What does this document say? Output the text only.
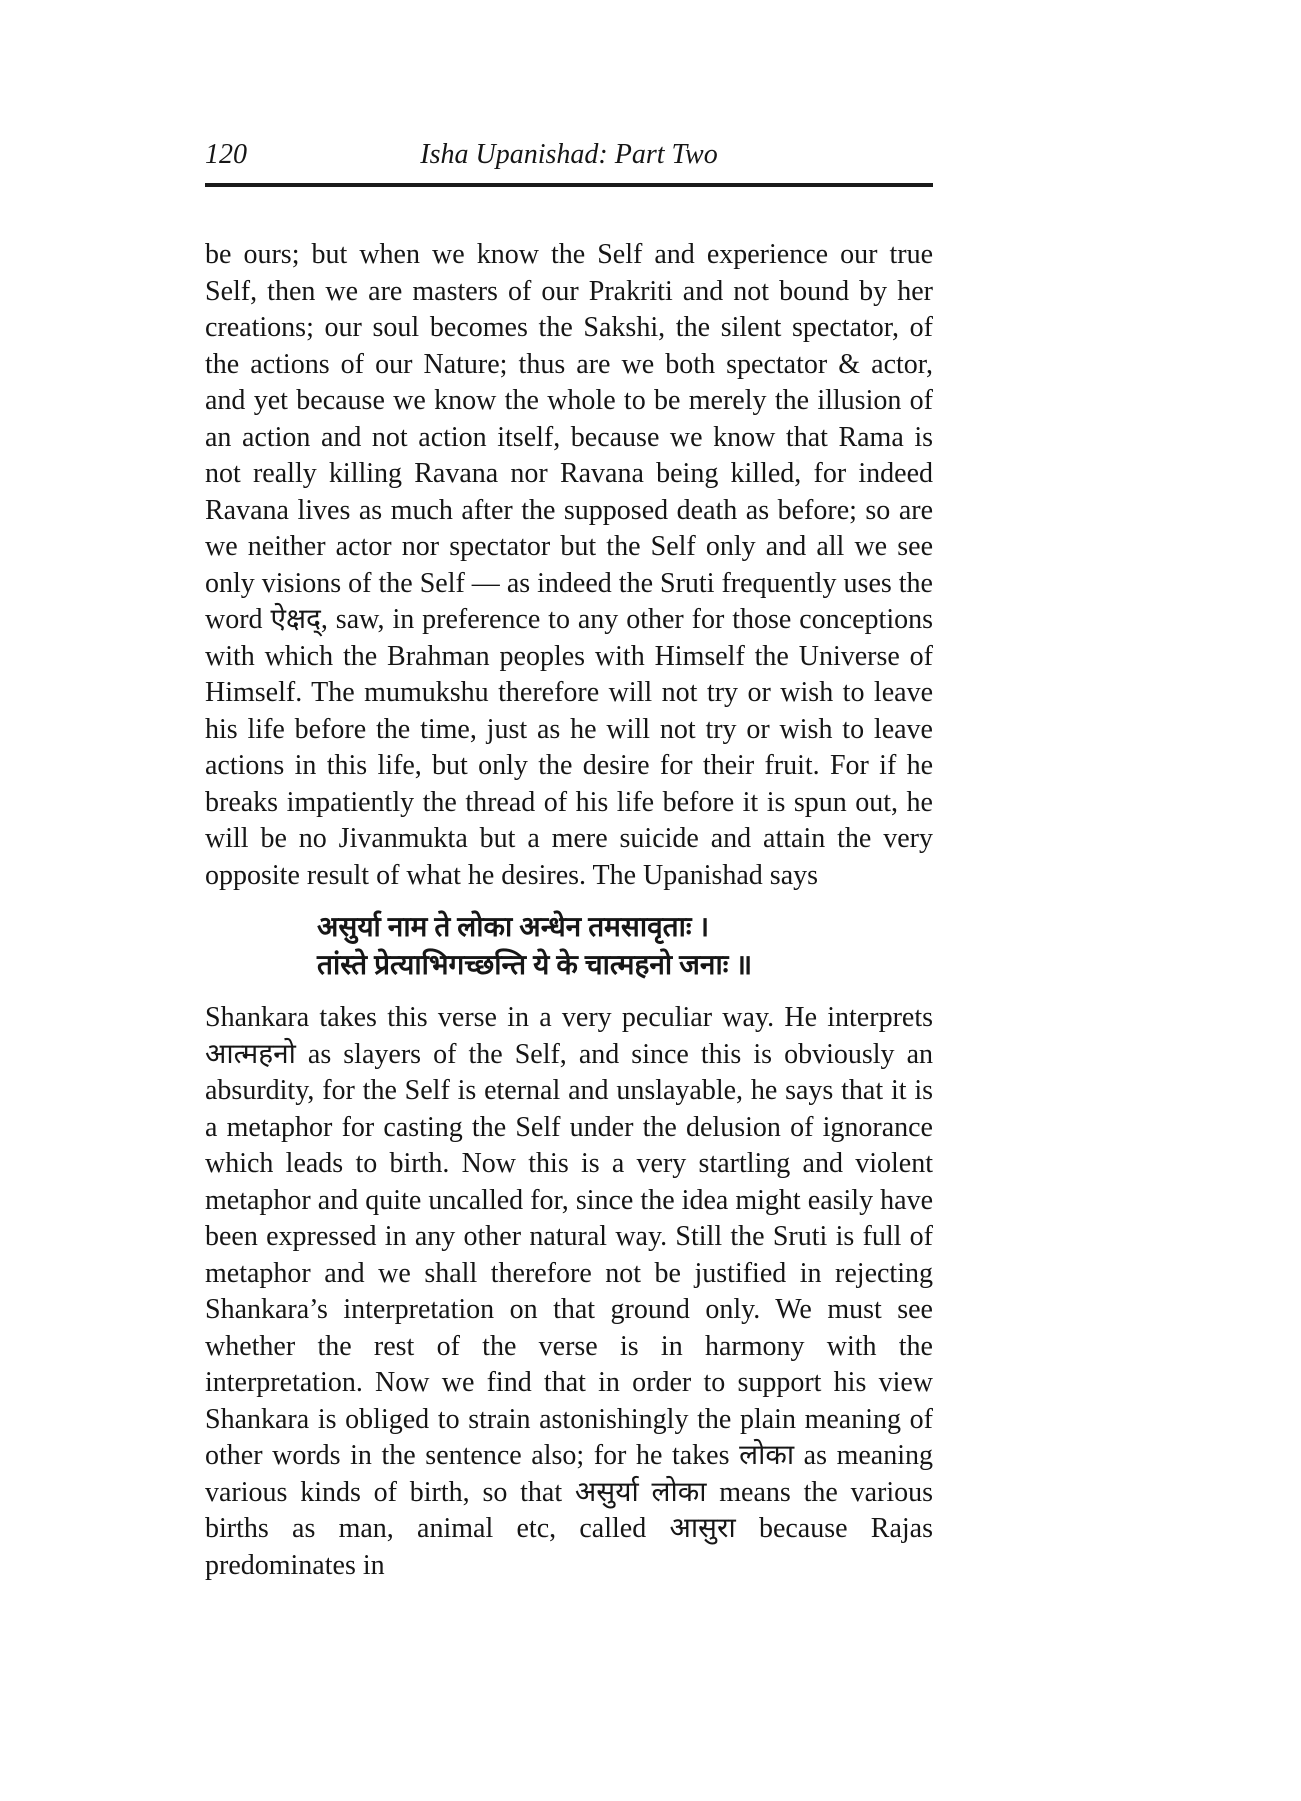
120	Isha Upanishad: Part Two

be ours; but when we know the Self and experience our true Self, then we are masters of our Prakriti and not bound by her creations; our soul becomes the Sakshi, the silent spectator, of the actions of our Nature; thus are we both spectator & actor, and yet because we know the whole to be merely the illusion of an action and not action itself, because we know that Rama is not really killing Ravana nor Ravana being killed, for indeed Ravana lives as much after the supposed death as before; so are we neither actor nor spectator but the Self only and all we see only visions of the Self — as indeed the Sruti frequently uses the word ऐक्षद्, saw, in preference to any other for those conceptions with which the Brahman peoples with Himself the Universe of Himself. The mumukshu therefore will not try or wish to leave his life before the time, just as he will not try or wish to leave actions in this life, but only the desire for their fruit. For if he breaks impatiently the thread of his life before it is spun out, he will be no Jivanmukta but a mere suicide and attain the very opposite result of what he desires. The Upanishad says

असुर्या नाम ते लोका अन्धेन तमसावृताः ।
तांस्ते प्रेत्याभिगच्छन्ति ये के चात्महनो जनाः ॥

Shankara takes this verse in a very peculiar way. He interprets आत्महनो as slayers of the Self, and since this is obviously an absurdity, for the Self is eternal and unslayable, he says that it is a metaphor for casting the Self under the delusion of ignorance which leads to birth. Now this is a very startling and violent metaphor and quite uncalled for, since the idea might easily have been expressed in any other natural way. Still the Sruti is full of metaphor and we shall therefore not be justified in rejecting Shankara’s interpretation on that ground only. We must see whether the rest of the verse is in harmony with the interpretation. Now we find that in order to support his view Shankara is obliged to strain astonishingly the plain meaning of other words in the sentence also; for he takes लोका as meaning various kinds of birth, so that असुर्या लोका means the various births as man, animal etc, called आसुरा because Rajas predominates in
